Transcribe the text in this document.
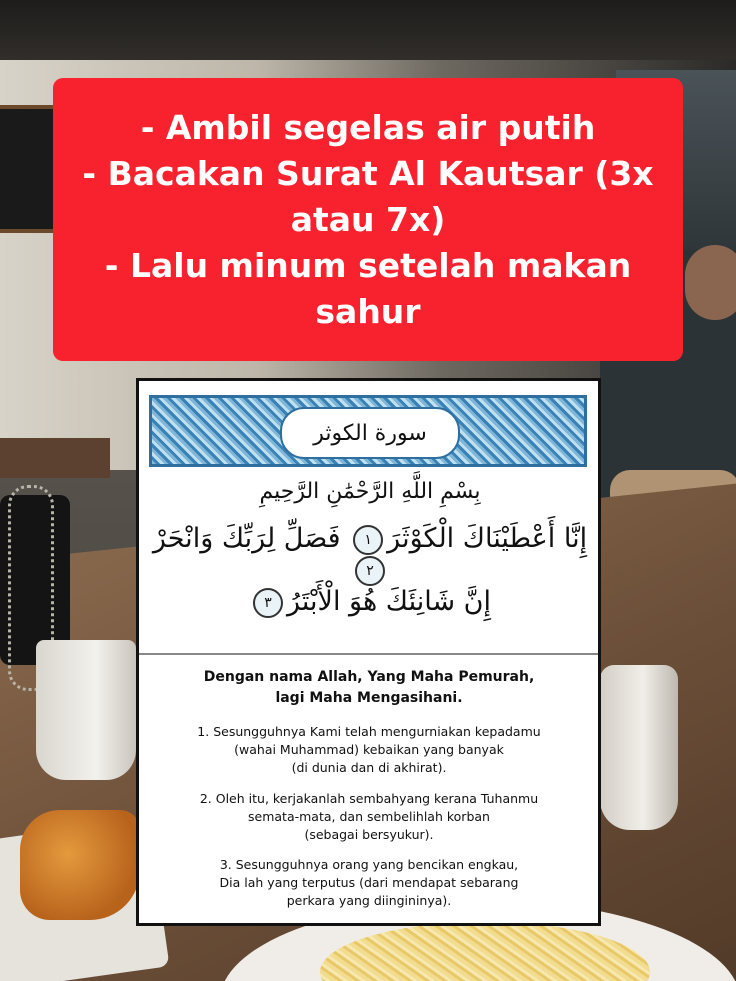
- Ambil segelas air putih
- Bacakan Surat Al Kautsar (3x
atau 7x)
- Lalu minum setelah makan
sahur
سورة الكوثر
بِسْمِ اللَّهِ الرَّحْمَٰنِ الرَّحِيمِ
إِنَّا أَعْطَيْنَاكَ الْكَوْثَرَ١ فَصَلِّ لِرَبِّكَ وَانْحَرْ٢
إِنَّ شَانِئَكَ هُوَ الْأَبْتَرُ٣
Dengan nama Allah, Yang Maha Pemurah,
lagi Maha Mengasihani.
1. Sesungguhnya Kami telah mengurniakan kepadamu
(wahai Muhammad) kebaikan yang banyak
(di dunia dan di akhirat).
2. Oleh itu, kerjakanlah sembahyang kerana Tuhanmu
semata-mata, dan sembelihlah korban
(sebagai bersyukur).
3. Sesungguhnya orang yang bencikan engkau,
Dia lah yang terputus (dari mendapat sebarang
perkara yang diingininya).
